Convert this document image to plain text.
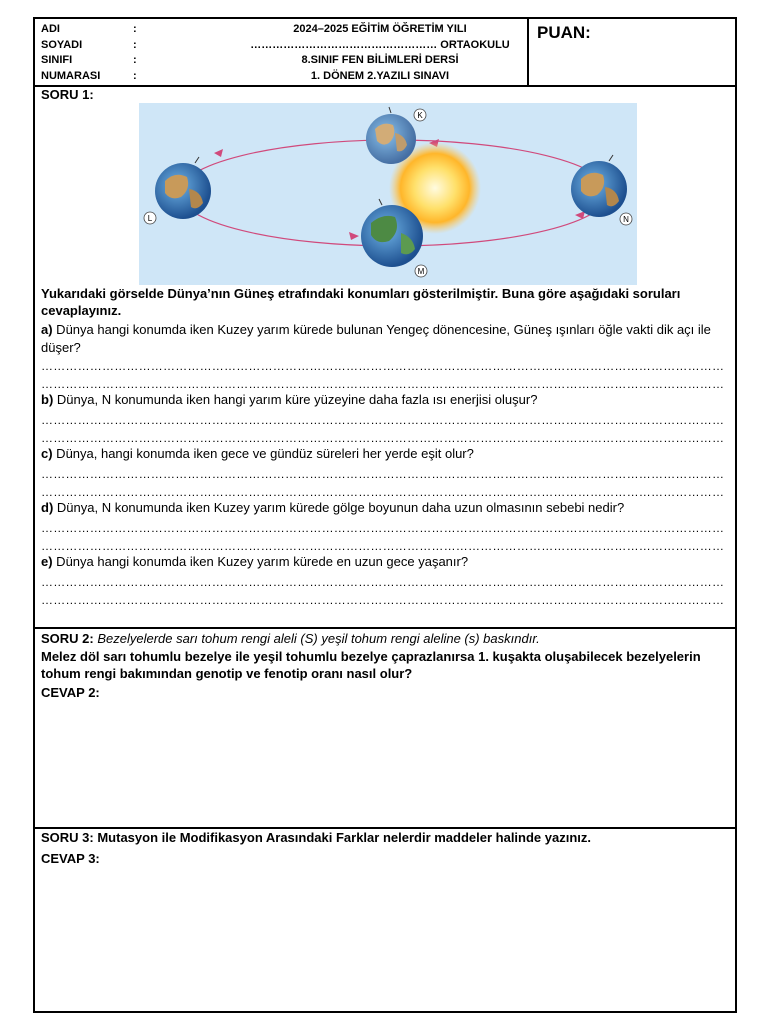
ADI	:
SOYADI	:
SINIFI	:
NUMARASI	:
2024–2025 EĞİTİM ÖĞRETİM YILI
…………………………………………… ORTAOKULU
8.SINIF FEN BİLİMLERİ DERSİ
1. DÖNEM 2.YAZILI SINAVI
PUAN:
SORU 1:
K
L
M
N
Yukarıdaki görselde Dünya’nın Güneş etrafındaki konumları gösterilmiştir. Buna göre aşağıdaki soruları cevaplayınız.
a) Dünya hangi konumda iken Kuzey yarım kürede bulunan Yengeç dönencesine, Güneş ışınları öğle vakti dik açı ile düşer?
……………………………………………………………………………………………………………………………………………………
……………………………………………………………………………………………………………………………………………………
b) Dünya, N konumunda iken hangi yarım küre yüzeyine daha fazla ısı enerjisi oluşur?
……………………………………………………………………………………………………………………………………………………
……………………………………………………………………………………………………………………………………………………
c) Dünya, hangi konumda iken gece ve gündüz süreleri her yerde eşit olur?
……………………………………………………………………………………………………………………………………………………
……………………………………………………………………………………………………………………………………………………
d) Dünya, N konumunda iken Kuzey yarım kürede gölge boyunun daha uzun olmasının sebebi nedir?
……………………………………………………………………………………………………………………………………………………
……………………………………………………………………………………………………………………………………………………
e) Dünya hangi konumda iken Kuzey yarım kürede en uzun gece yaşanır?
……………………………………………………………………………………………………………………………………………………
……………………………………………………………………………………………………………………………………………………
SORU 2: Bezelyelerde sarı tohum rengi aleli (S) yeşil tohum rengi aleline (s) baskındır.
Melez döl sarı tohumlu bezelye ile yeşil tohumlu bezelye çaprazlanırsa 1. kuşakta oluşabilecek bezelyelerin tohum rengi bakımından genotip ve fenotip oranı nasıl olur?
CEVAP 2:
SORU 3: Mutasyon ile Modifikasyon Arasındaki Farklar nelerdir maddeler halinde yazınız.
CEVAP 3:
